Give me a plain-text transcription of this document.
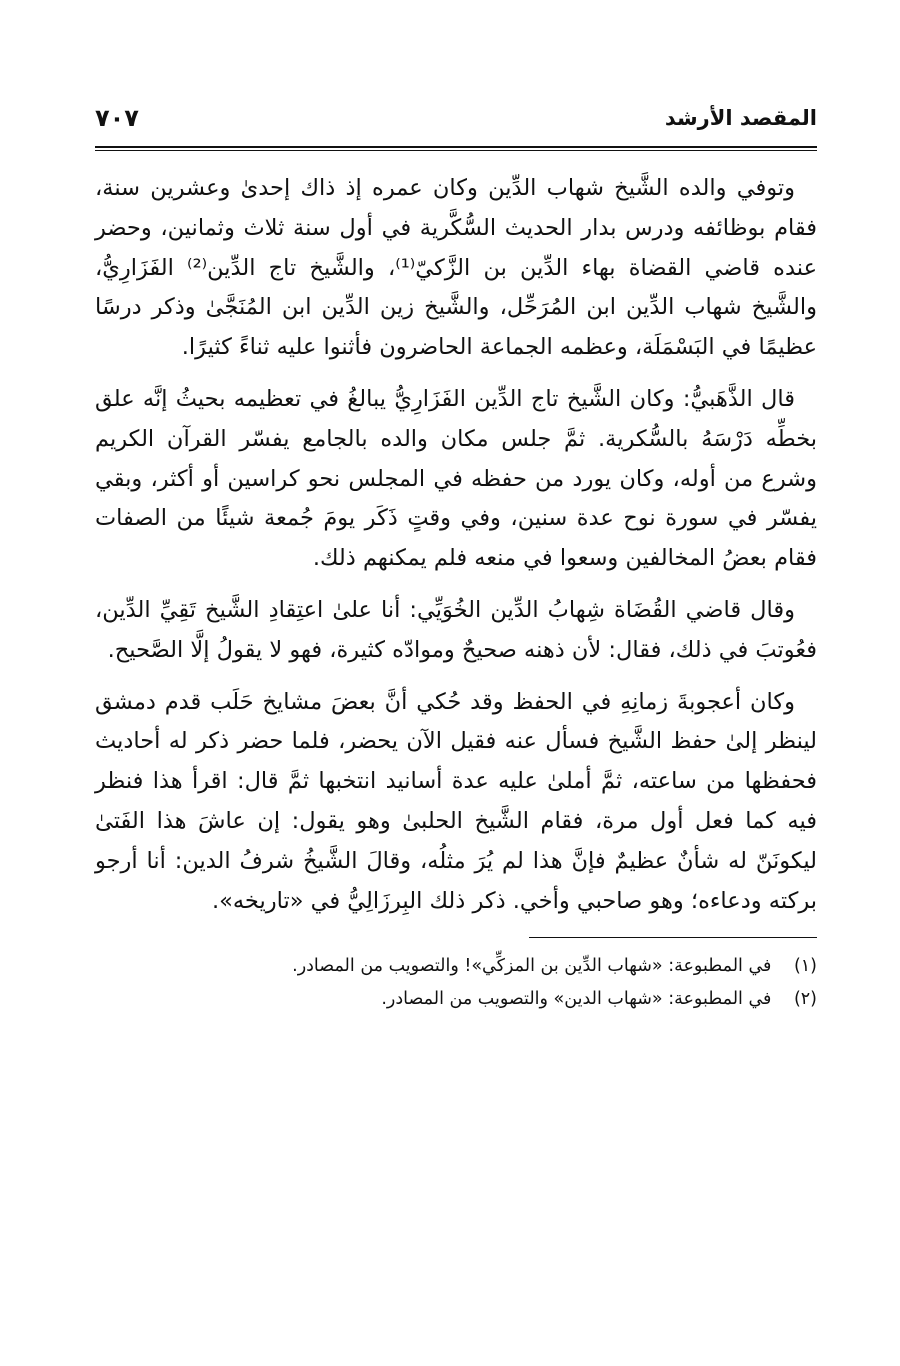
المقصد الأرشد
٧٠٧

وتوفي والده الشَّيخ شهاب الدِّين وكان عمره إذ ذاك إحدىٰ وعشرين سنة، فقام بوظائفه ودرس بدار الحديث السُّكَّرية في أول سنة ثلاث وثمانين، وحضر عنده قاضي القضاة بهاء الدِّين بن الزَّكيّ⁽¹⁾، والشَّيخ تاج الدِّين⁽²⁾ الفَزَارِيُّ، والشَّيخ شهاب الدِّين ابن المُرَحِّل، والشَّيخ زين الدِّين ابن المُنَجَّىٰ وذكر درسًا عظيمًا في البَسْمَلَة، وعظمه الجماعة الحاضرون فأثنوا عليه ثناءً كثيرًا.

قال الذَّهَبيُّ: وكان الشَّيخ تاج الدِّين الفَزَارِيُّ يبالغُ في تعظيمه بحيثُ إنَّه علق بخطِّه دَرْسَهُ بالسُّكرية. ثمَّ جلس مكان والده بالجامع يفسّر القرآن الكريم وشرع من أوله، وكان يورد من حفظه في المجلس نحو كراسين أو أكثر، وبقي يفسّر في سورة نوح عدة سنين، وفي وقتٍ ذَكَر يومَ جُمعة شيئًا من الصفات فقام بعضُ المخالفين وسعوا في منعه فلم يمكنهم ذلك.

وقال قاضي القُضَاة شِهابُ الدِّين الخُوَيِّي: أنا علىٰ اعتِقادِ الشَّيخ تَقِيِّ الدِّين، فعُوتبَ في ذلك، فقال: لأن ذهنه صحيحٌ وموادّه كثيرة، فهو لا يقولُ إلَّا الصَّحيح.

وكان أعجوبةَ زمانِهِ في الحفظ وقد حُكي أنَّ بعضَ مشايخ حَلَب قدم دمشق لينظر إلىٰ حفظ الشَّيخ فسأل عنه فقيل الآن يحضر، فلما حضر ذكر له أحاديث فحفظها من ساعته، ثمَّ أملىٰ عليه عدة أسانيد انتخبها ثمَّ قال: اقرأ هذا فنظر فيه كما فعل أول مرة، فقام الشَّيخ الحلبىٰ وهو يقول: إن عاشَ هذا الفَتىٰ ليكونَنّ له شأنٌ عظيمٌ فإنَّ هذا لم يُرَ مثلُه، وقالَ الشَّيخُ شرفُ الدين: أنا أرجو بركته ودعاءه؛ وهو صاحبي وأخي. ذكر ذلك البِرزَالِيُّ في «تاريخه».

(١) في المطبوعة: «شهاب الدِّين بن المزكِّي»! والتصويب من المصادر.

(٢) في المطبوعة: «شهاب الدين» والتصويب من المصادر.
